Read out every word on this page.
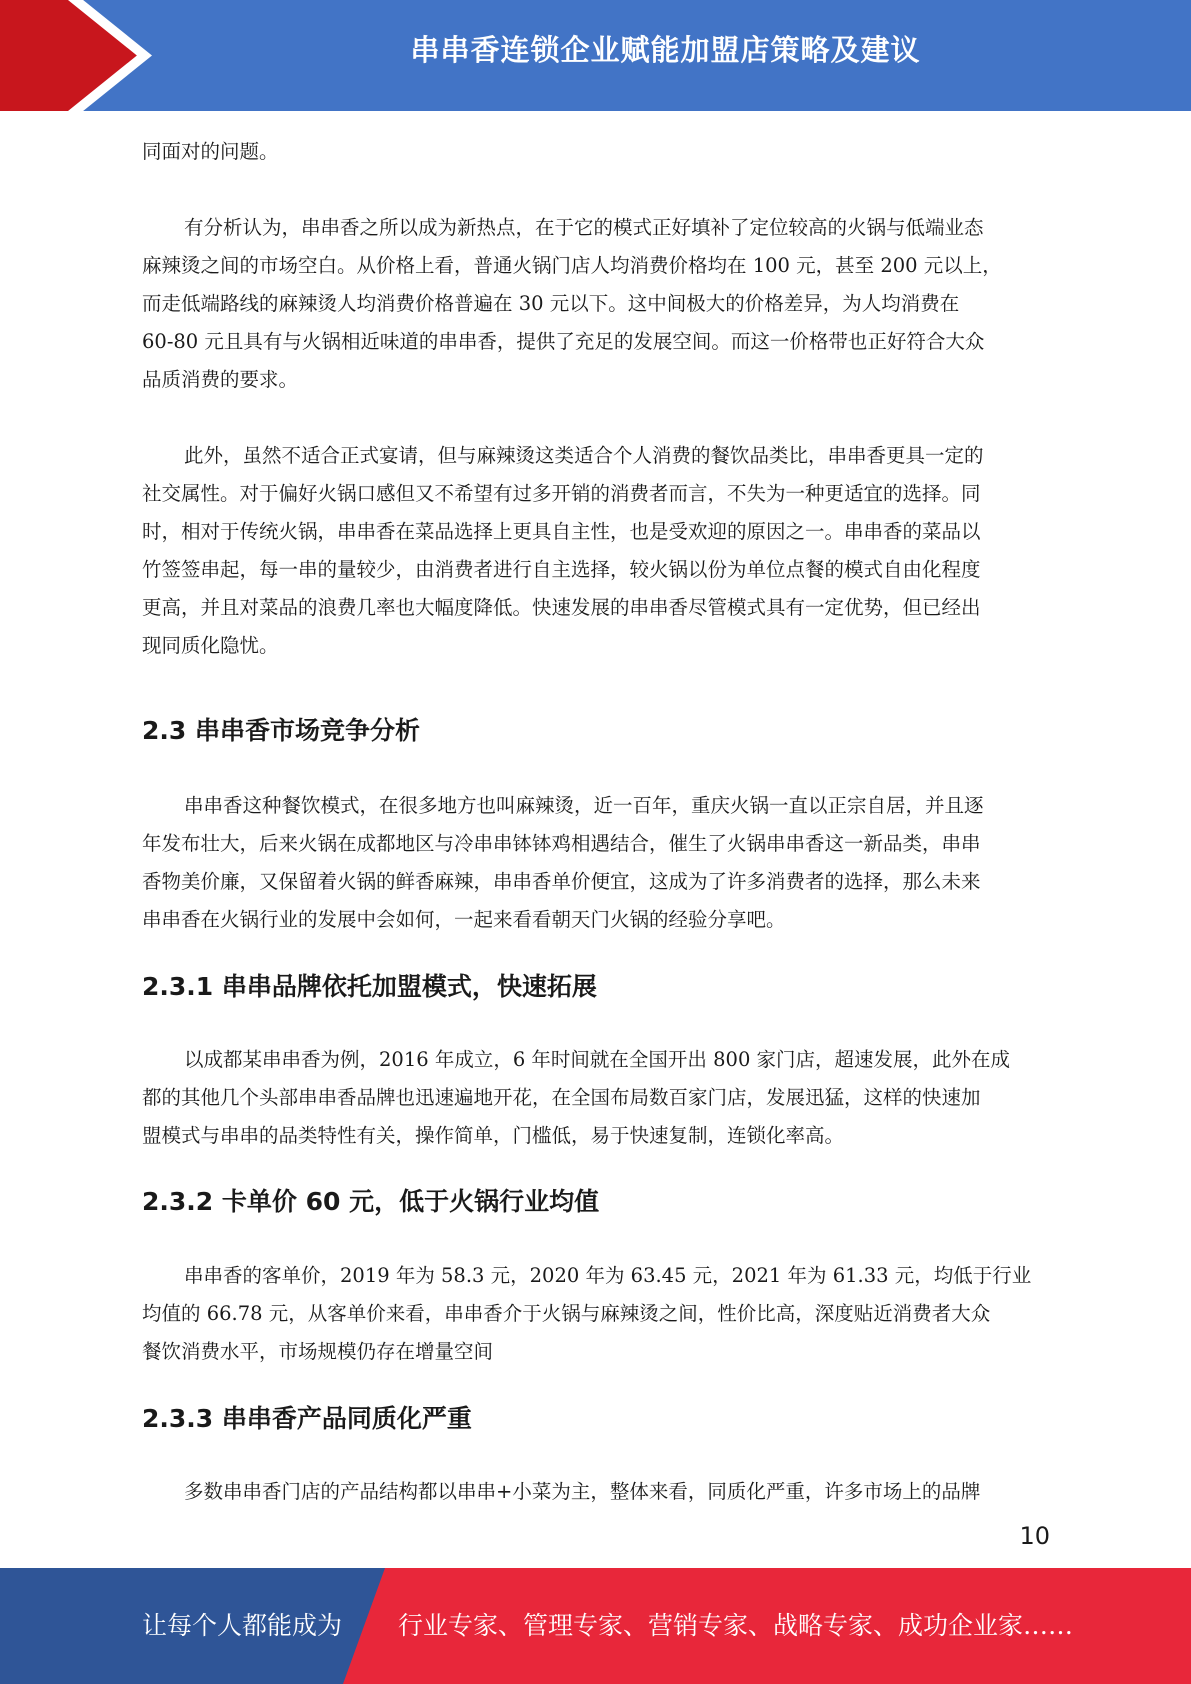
串串香连锁企业赋能加盟店策略及建议
同面对的问题。
有分析认为，串串香之所以成为新热点，在于它的模式正好填补了定位较高的火锅与低端业态
麻辣烫之间的市场空白。从价格上看，普通火锅门店人均消费价格均在 100 元，甚至 200 元以上，
而走低端路线的麻辣烫人均消费价格普遍在 30 元以下。这中间极大的价格差异，为人均消费在
60-80 元且具有与火锅相近味道的串串香，提供了充足的发展空间。而这一价格带也正好符合大众
品质消费的要求。
此外，虽然不适合正式宴请，但与麻辣烫这类适合个人消费的餐饮品类比，串串香更具一定的
社交属性。对于偏好火锅口感但又不希望有过多开销的消费者而言，不失为一种更适宜的选择。同
时，相对于传统火锅，串串香在菜品选择上更具自主性，也是受欢迎的原因之一。串串香的菜品以
竹签签串起，每一串的量较少，由消费者进行自主选择，较火锅以份为单位点餐的模式自由化程度
更高，并且对菜品的浪费几率也大幅度降低。快速发展的串串香尽管模式具有一定优势，但已经出
现同质化隐忧。
2.3 串串香市场竞争分析
串串香这种餐饮模式，在很多地方也叫麻辣烫，近一百年，重庆火锅一直以正宗自居，并且逐
年发布壮大，后来火锅在成都地区与冷串串钵钵鸡相遇结合，催生了火锅串串香这一新品类，串串
香物美价廉，又保留着火锅的鲜香麻辣，串串香单价便宜，这成为了许多消费者的选择，那么未来
串串香在火锅行业的发展中会如何，一起来看看朝天门火锅的经验分享吧。
2.3.1 串串品牌依托加盟模式，快速拓展
以成都某串串香为例，2016 年成立，6 年时间就在全国开出 800 家门店，超速发展，此外在成
都的其他几个头部串串香品牌也迅速遍地开花，在全国布局数百家门店，发展迅猛，这样的快速加
盟模式与串串的品类特性有关，操作简单，门槛低，易于快速复制，连锁化率高。
2.3.2 卡单价 60 元，低于火锅行业均值
串串香的客单价，2019 年为 58.3 元，2020 年为 63.45 元，2021 年为 61.33 元，均低于行业
均值的 66.78 元，从客单价来看，串串香介于火锅与麻辣烫之间，性价比高，深度贴近消费者大众
餐饮消费水平，市场规模仍存在增量空间
2.3.3 串串香产品同质化严重
多数串串香门店的产品结构都以串串+小菜为主，整体来看，同质化严重，许多市场上的品牌
10
让每个人都能成为 行业专家、管理专家、营销专家、战略专家、成功企业家……
